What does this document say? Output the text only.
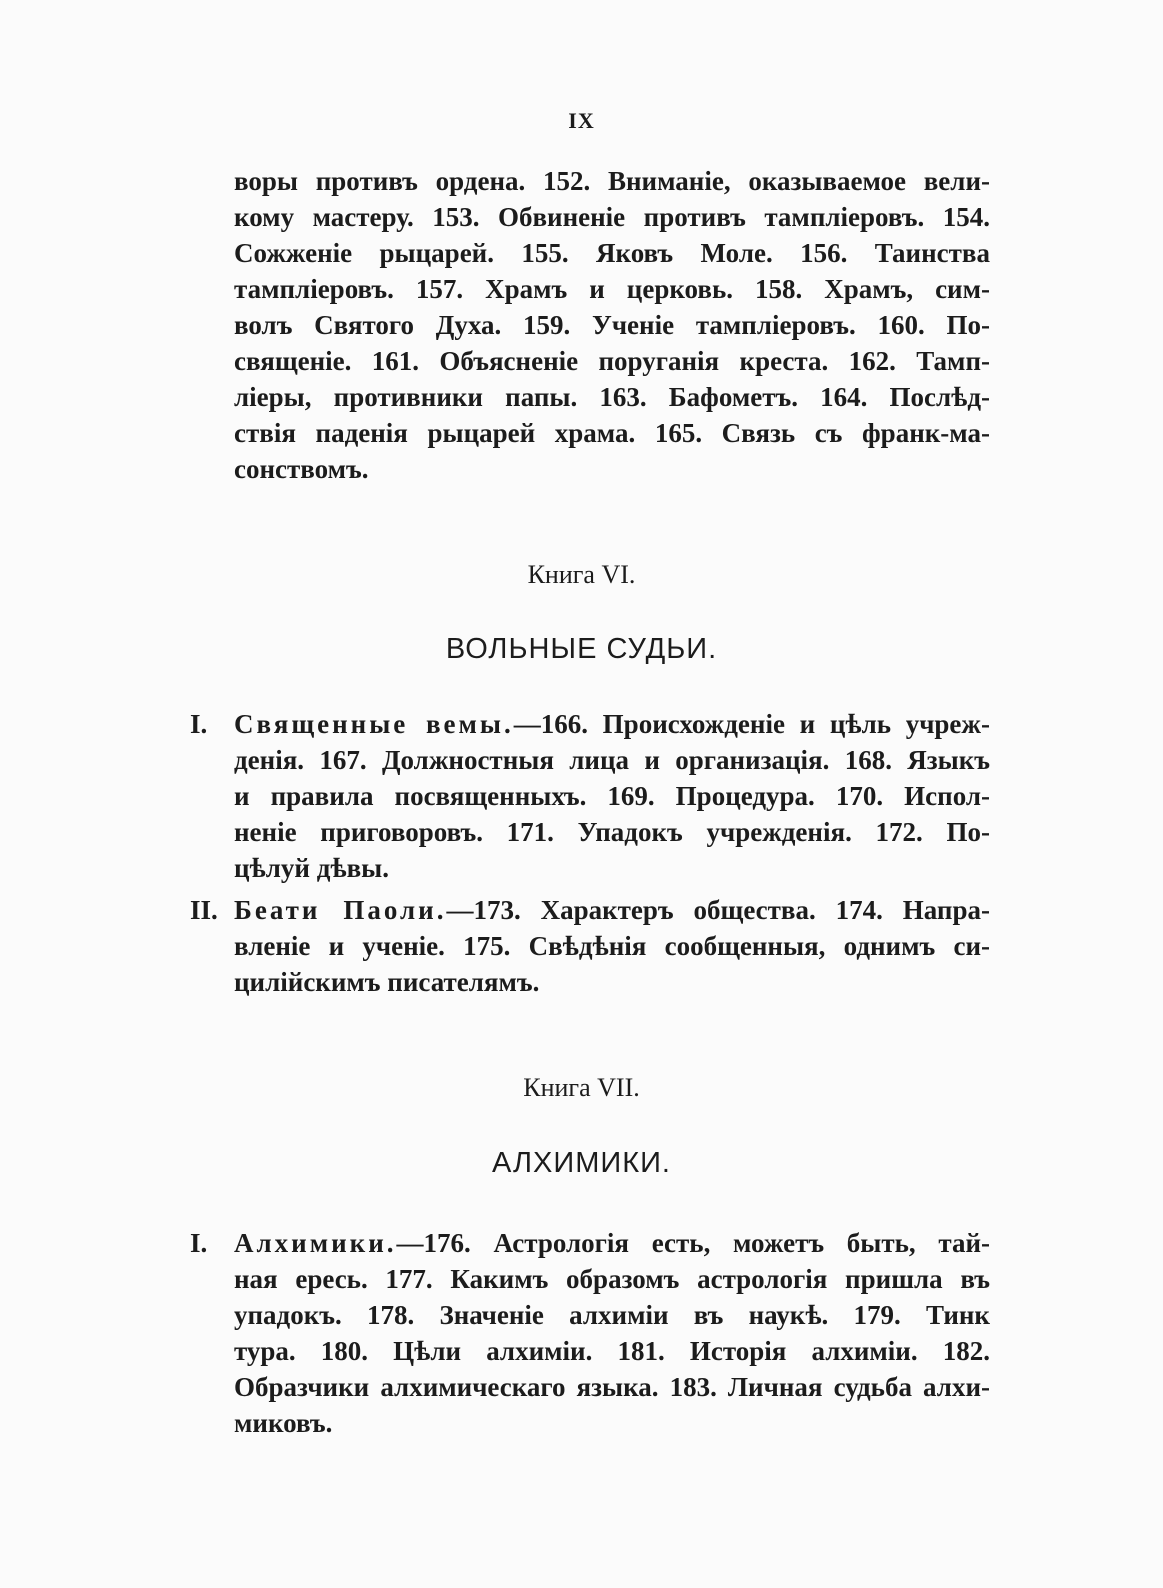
IX
воры противъ ордена. 152. Вниманіе, оказываемое вели-
кому мастеру. 153. Обвиненіе противъ тампліеровъ. 154.
Сожженіе рыцарей. 155. Яковъ Моле. 156. Таинства
тампліеровъ. 157. Храмъ и церковь. 158. Храмъ, сим-
волъ Святого Духа. 159. Ученіе тампліеровъ. 160. По-
священіе. 161. Объясненіе поруганія креста. 162. Тамп-
ліеры, противники папы. 163. Бафометъ. 164. Послѣд-
ствія паденія рыцарей храма. 165. Связь съ франк-ма-
сонствомъ.
Книга VI.
ВОЛЬНЫЕ СУДЬИ.
I. Священные вемы.—166. Происхожденіе и цѣль учреж-
денія. 167. Должностныя лица и организація. 168. Языкъ
и правила посвященныхъ. 169. Процедура. 170. Испол-
неніе приговоровъ. 171. Упадокъ учрежденія. 172. По-
цѣлуй дѣвы.
II. Беати Паоли.—173. Характеръ общества. 174. Напра-
вленіе и ученіе. 175. Свѣдѣнія сообщенныя, однимъ си-
цилійскимъ писателямъ.
Книга VII.
АЛХИМИКИ.
I. Алхимики.—176. Астрологія есть, можетъ быть, тай-
ная ересь. 177. Какимъ образомъ астрологія пришла въ
упадокъ. 178. Значеніе алхиміи въ наукѣ. 179. Тинк
тура. 180. Цѣли алхиміи. 181. Исторія алхиміи. 182.
Образчики алхимическаго языка. 183. Личная судьба алхи-
миковъ.
